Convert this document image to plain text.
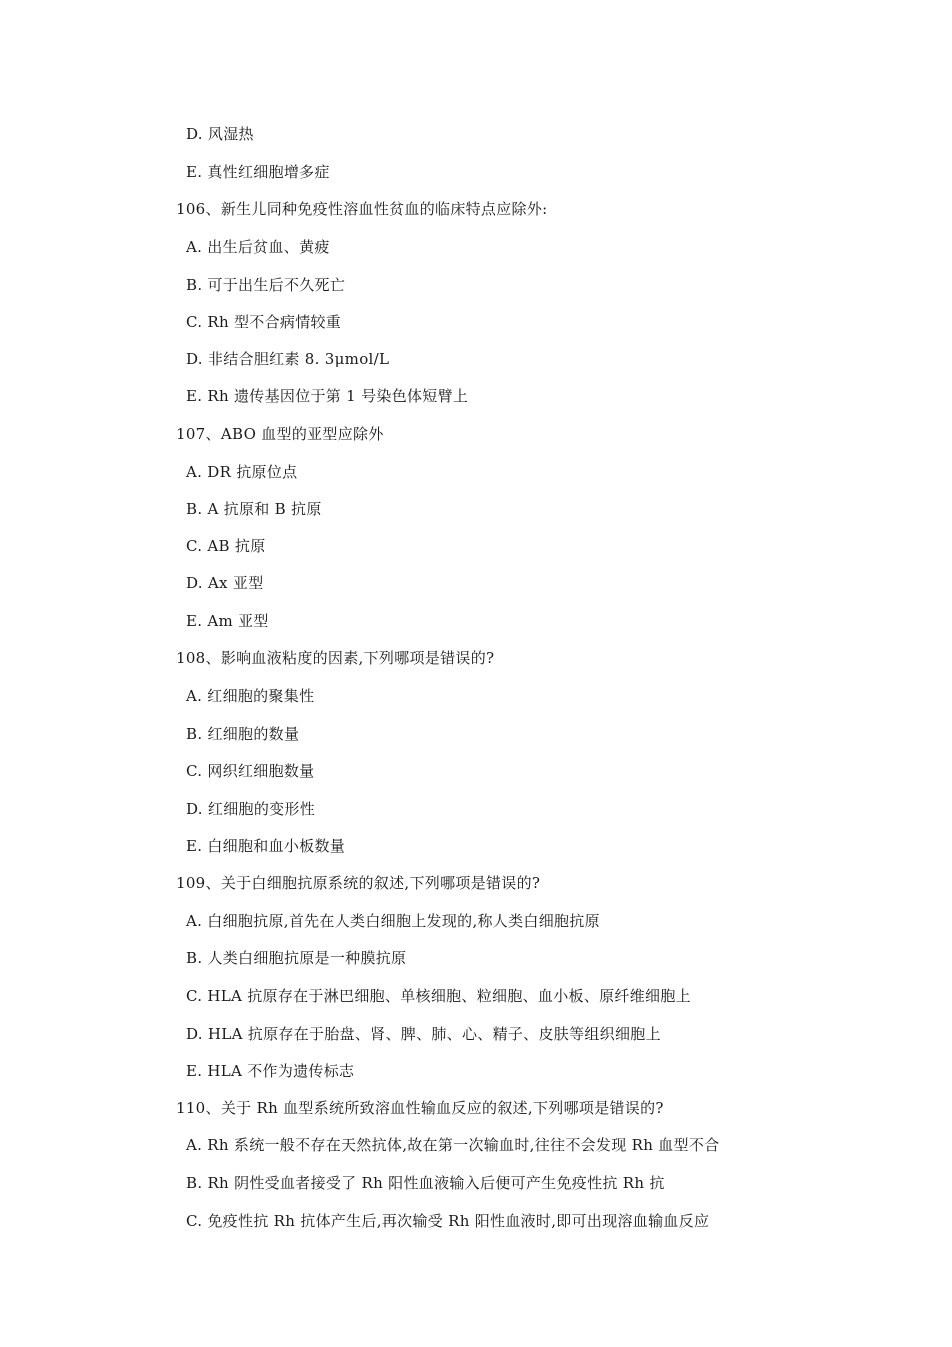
D. 风湿热
E. 真性红细胞增多症
106、新生儿同种免疫性溶血性贫血的临床特点应除外:
A. 出生后贫血、黄疲
B. 可于出生后不久死亡
C. Rh 型不合病情较重
D. 非结合胆红素 8. 3μmol/L
E. Rh 遗传基因位于第 1 号染色体短臂上
107、ABO 血型的亚型应除外
A. DR 抗原位点
B. A 抗原和 B 抗原
C. AB 抗原
D. Ax 亚型
E. Am 亚型
108、影响血液粘度的因素,下列哪项是错误的?
A. 红细胞的聚集性
B. 红细胞的数量
C. 网织红细胞数量
D. 红细胞的变形性
E. 白细胞和血小板数量
109、关于白细胞抗原系统的叙述,下列哪项是错误的?
A. 白细胞抗原,首先在人类白细胞上发现的,称人类白细胞抗原
B. 人类白细胞抗原是一种膜抗原
C. HLA 抗原存在于淋巴细胞、单核细胞、粒细胞、血小板、原纤维细胞上
D. HLA 抗原存在于胎盘、肾、脾、肺、心、精子、皮肤等组织细胞上
E. HLA 不作为遗传标志
110、关于 Rh 血型系统所致溶血性输血反应的叙述,下列哪项是错误的?
A. Rh 系统一般不存在天然抗体,故在第一次输血时,往往不会发现 Rh 血型不合
B. Rh 阴性受血者接受了 Rh 阳性血液输入后便可产生免疫性抗 Rh 抗
C. 免疫性抗 Rh 抗体产生后,再次输受 Rh 阳性血液时,即可出现溶血输血反应
